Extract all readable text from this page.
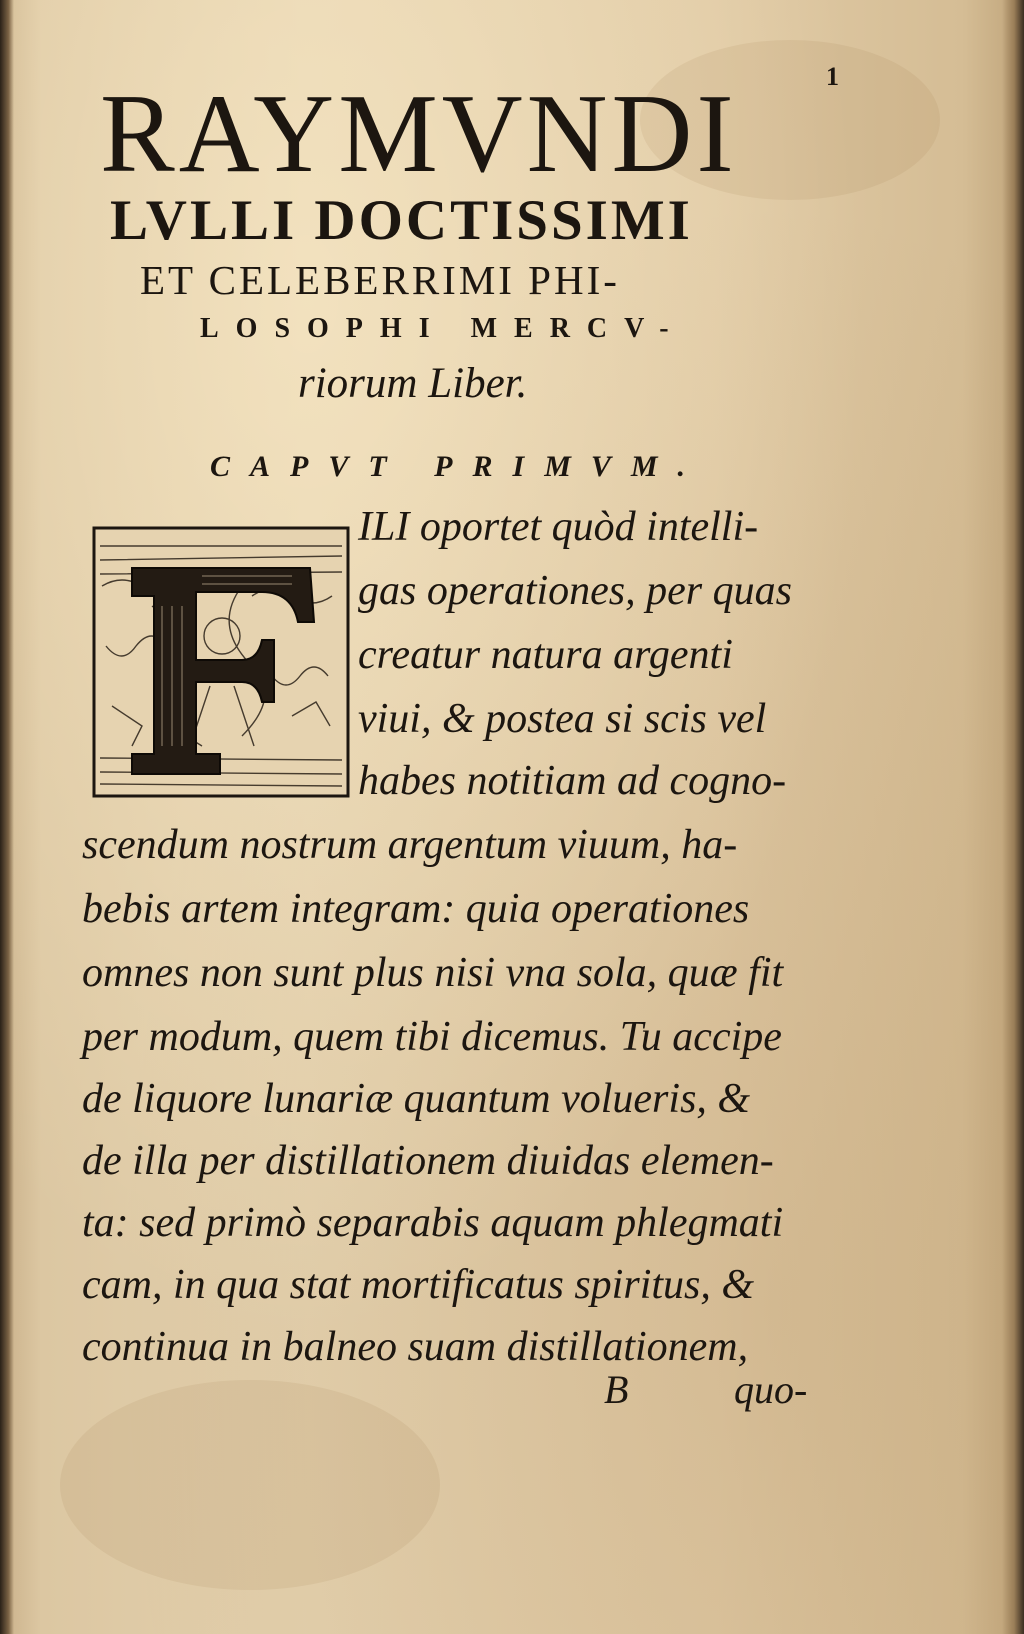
1
RAYMVNDI
LVLLI DOCTISSIMI
ET CELEBERRIMI PHI-
LOSOPHI MERCV-
riorum Liber.
CAPVT PRIMVM.
ILI oportet quòd intelli-
gas operationes, per quas
creatur natura argenti
viui, & postea si scis vel
habes notitiam ad cogno-
scendum nostrum argentum viuum, ha-
bebis artem integram: quia operationes
omnes non sunt plus nisi vna sola, quæ fit
per modum, quem tibi dicemus. Tu accipe
de liquore lunariæ quantum volueris, &
de illa per distillationem diuidas elemen-
ta: sed primò separabis aquam phlegmati
cam, in qua stat mortificatus spiritus, &
continua in balneo suam distillationem,
B	quo-
